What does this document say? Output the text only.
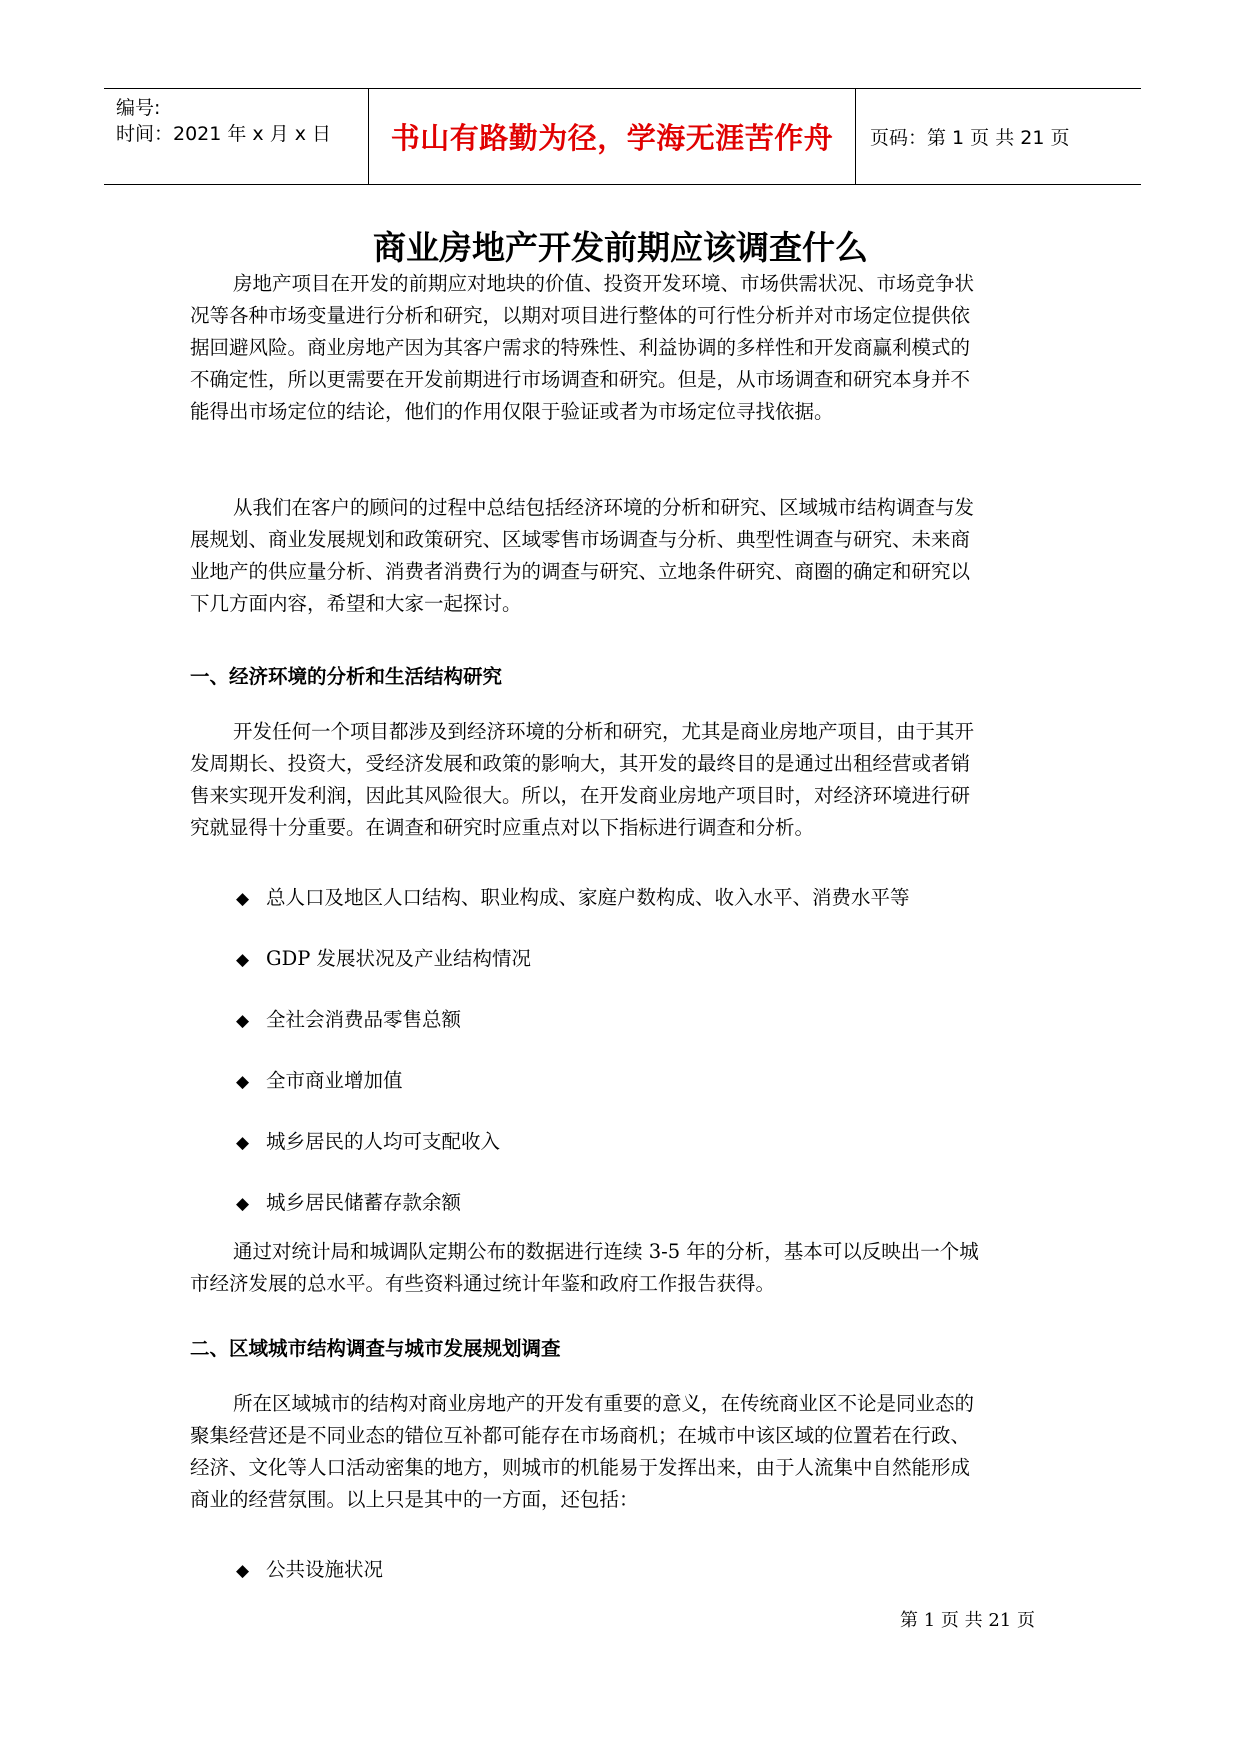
编号:
时间：2021 年 x 月 x 日	书山有路勤为径，学海无涯苦作舟	页码：第 1 页 共 21 页
商业房地产开发前期应该调查什么
房地产项目在开发的前期应对地块的价值、投资开发环境、市场供需状况、市场竞争状
况等各种市场变量进行分析和研究，以期对项目进行整体的可行性分析并对市场定位提供依
据回避风险。商业房地产因为其客户需求的特殊性、利益协调的多样性和开发商赢利模式的
不确定性，所以更需要在开发前期进行市场调查和研究。但是，从市场调查和研究本身并不
能得出市场定位的结论，他们的作用仅限于验证或者为市场定位寻找依据。
从我们在客户的顾问的过程中总结包括经济环境的分析和研究、区域城市结构调查与发
展规划、商业发展规划和政策研究、区域零售市场调查与分析、典型性调查与研究、未来商
业地产的供应量分析、消费者消费行为的调查与研究、立地条件研究、商圈的确定和研究以
下几方面内容，希望和大家一起探讨。
一、经济环境的分析和生活结构研究
开发任何一个项目都涉及到经济环境的分析和研究，尤其是商业房地产项目，由于其开
发周期长、投资大，受经济发展和政策的影响大，其开发的最终目的是通过出租经营或者销
售来实现开发利润，因此其风险很大。所以，在开发商业房地产项目时，对经济环境进行研
究就显得十分重要。在调查和研究时应重点对以下指标进行调查和分析。
◆ 总人口及地区人口结构、职业构成、家庭户数构成、收入水平、消费水平等
◆ GDP 发展状况及产业结构情况
◆ 全社会消费品零售总额
◆ 全市商业增加值
◆ 城乡居民的人均可支配收入
◆ 城乡居民储蓄存款余额
通过对统计局和城调队定期公布的数据进行连续 3-5 年的分析，基本可以反映出一个城
市经济发展的总水平。有些资料通过统计年鉴和政府工作报告获得。
二、区域城市结构调查与城市发展规划调查
所在区域城市的结构对商业房地产的开发有重要的意义，在传统商业区不论是同业态的
聚集经营还是不同业态的错位互补都可能存在市场商机；在城市中该区域的位置若在行政、
经济、文化等人口活动密集的地方，则城市的机能易于发挥出来，由于人流集中自然能形成
商业的经营氛围。以上只是其中的一方面，还包括：
◆ 公共设施状况
第 1 页 共 21 页
